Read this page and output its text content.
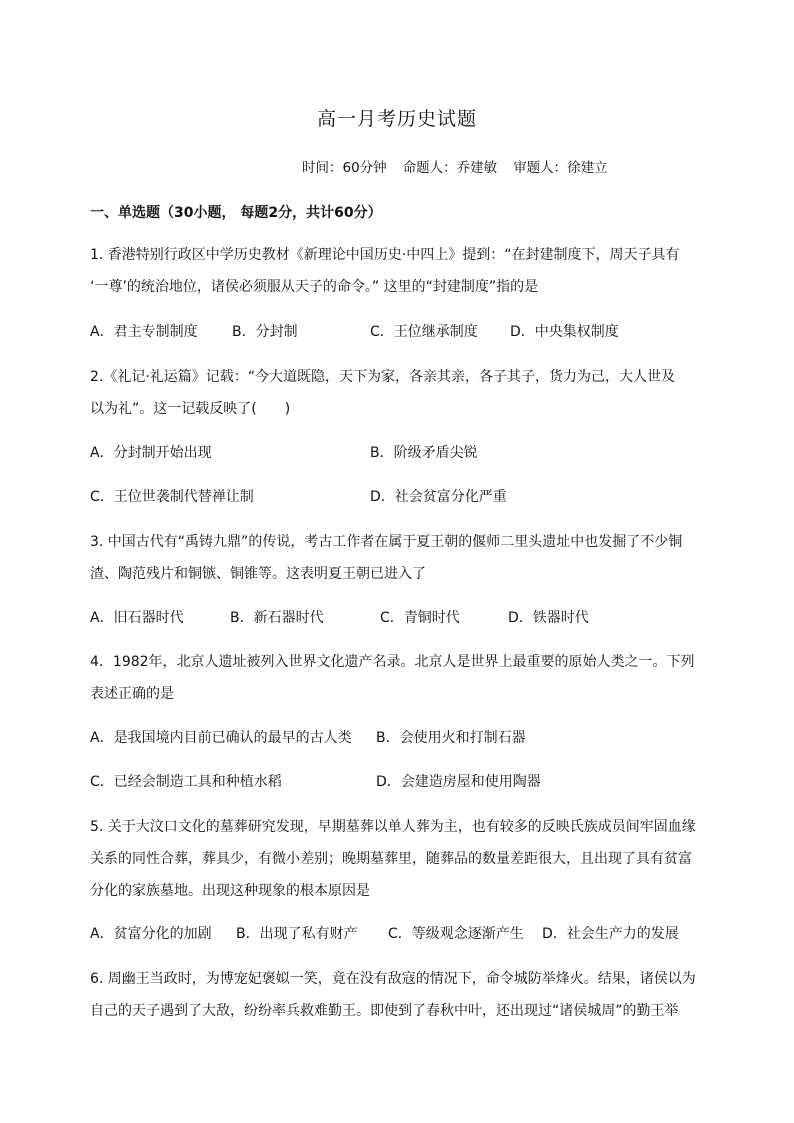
高一月考历史试题
时间：60分钟 命题人：乔建敏 审题人：徐建立
一、单选题（30小题， 每题2分，共计60分）
1. 香港特别行政区中学历史教材《新理论中国历史·中四上》提到：“在封建制度下，周天子具有
‘一尊’的统治地位，诸侯必须服从天子的命令。” 这里的“封建制度”指的是
A．君主专制制度 B．分封制	C．王位继承制度 D．中央集权制度
2.《礼记·礼运篇》记载：“今大道既隐，天下为家，各亲其亲，各子其子，货力为己，大人世及
以为礼”。这一记载反映了(　　)
A．分封制开始出现	B．阶级矛盾尖锐
C．王位世袭制代替禅让制	D．社会贫富分化严重
3. 中国古代有“禹铸九鼎”的传说，考古工作者在属于夏王朝的偃师二里头遗址中也发掘了不少铜
渣、陶范残片和铜镞、铜锥等。这表明夏王朝已进入了
A．旧石器时代	B．新石器时代	C．青铜时代	D．铁器时代
4．1982年，北京人遗址被列入世界文化遗产名录。北京人是世界上最重要的原始人类之一。下列
表述正确的是
A．是我国境内目前已确认的最早的古人类 B．会使用火和打制石器
C．已经会制造工具和种植水稻	D．会建造房屋和使用陶器
5. 关于大汶口文化的墓葬研究发现，早期墓葬以单人葬为主，也有较多的反映氏族成员间牢固血缘
关系的同性合葬，葬具少，有微小差别；晚期墓葬里，随葬品的数量差距很大，且出现了具有贫富
分化的家族墓地。出现这种现象的根本原因是
A．贫富分化的加剧 B．出现了私有财产 C．等级观念逐渐产生 D．社会生产力的发展
6. 周幽王当政时，为博宠妃褒姒一笑，竟在没有敌寇的情况下，命令城防举烽火。结果，诸侯以为
自己的天子遇到了大敌，纷纷率兵救难勤王。即使到了春秋中叶，还出现过“诸侯城周”的勤王举
